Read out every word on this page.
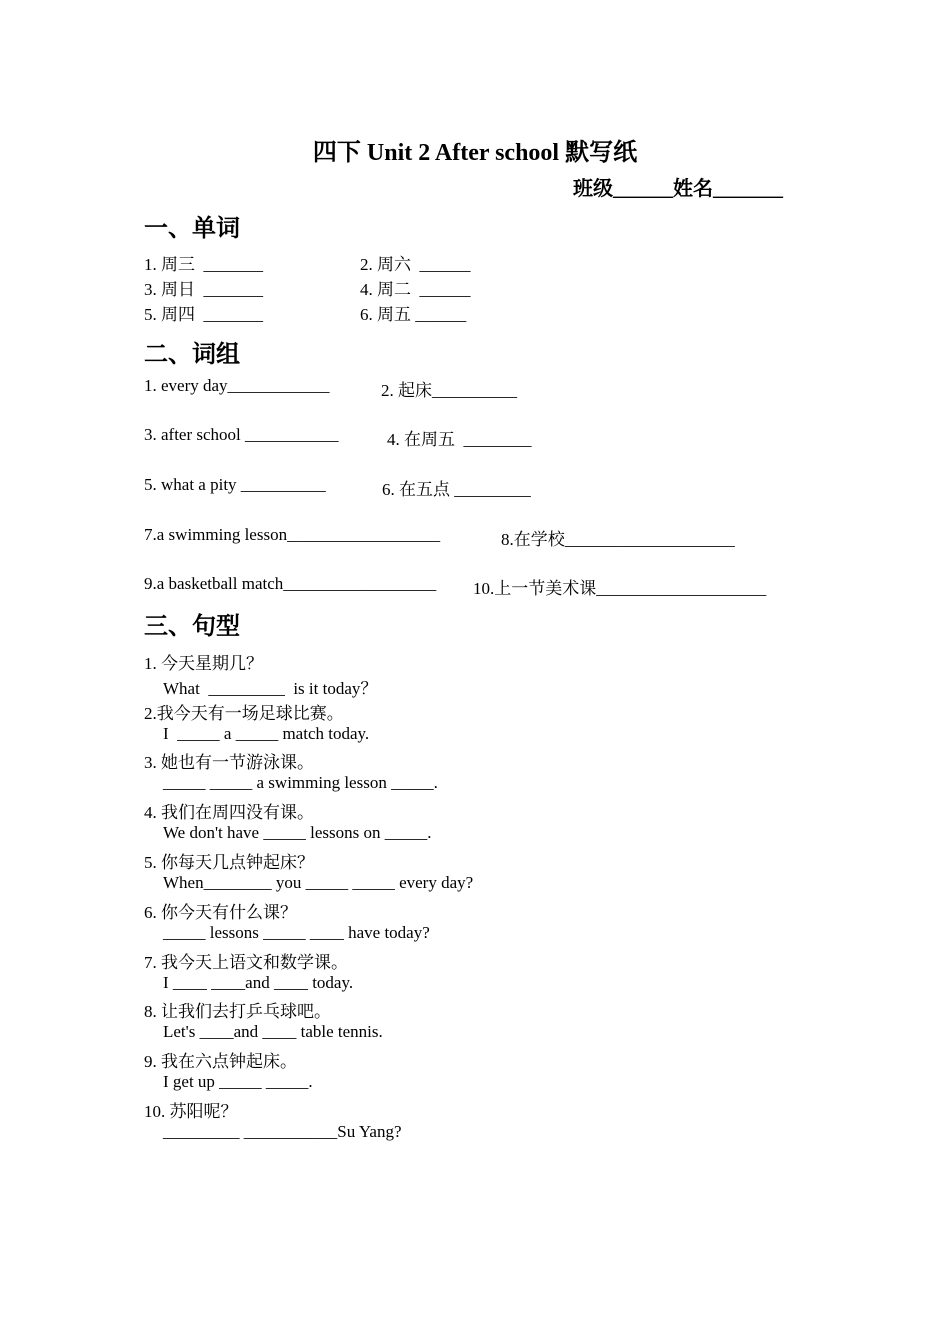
四下 Unit 2 After school 默写纸
班级______姓名_______
一、单词
1. 周三  _______	2. 周六  ______
3. 周日  _______	4. 周二  ______
5. 周四  _______	6. 周五 ______
二、词组
1. every day____________	2. 起床__________
3. after school ___________	4. 在周五  ________
5. what a pity __________	6. 在五点 _________
7.a swimming lesson__________________	8.在学校____________________
9.a basketball match__________________ 10.上一节美术课____________________
三、句型
1. 今天星期几？
What  _________  is it today？
2.我今天有一场足球比赛。
I  _____ a _____ match today.
3. 她也有一节游泳课。
_____ _____ a swimming lesson _____.
4. 我们在周四没有课。
We don't have _____ lessons on _____.
5. 你每天几点钟起床？
When________ you _____ _____ every day?
6. 你今天有什么课？
_____ lessons _____ ____ have today?
7. 我今天上语文和数学课。
I ____ ____and ____ today.
8. 让我们去打乒乓球吧。
Let's ____and ____ table tennis.
9. 我在六点钟起床。
I get up _____ _____.
10. 苏阳呢？
_________ ___________Su Yang?
